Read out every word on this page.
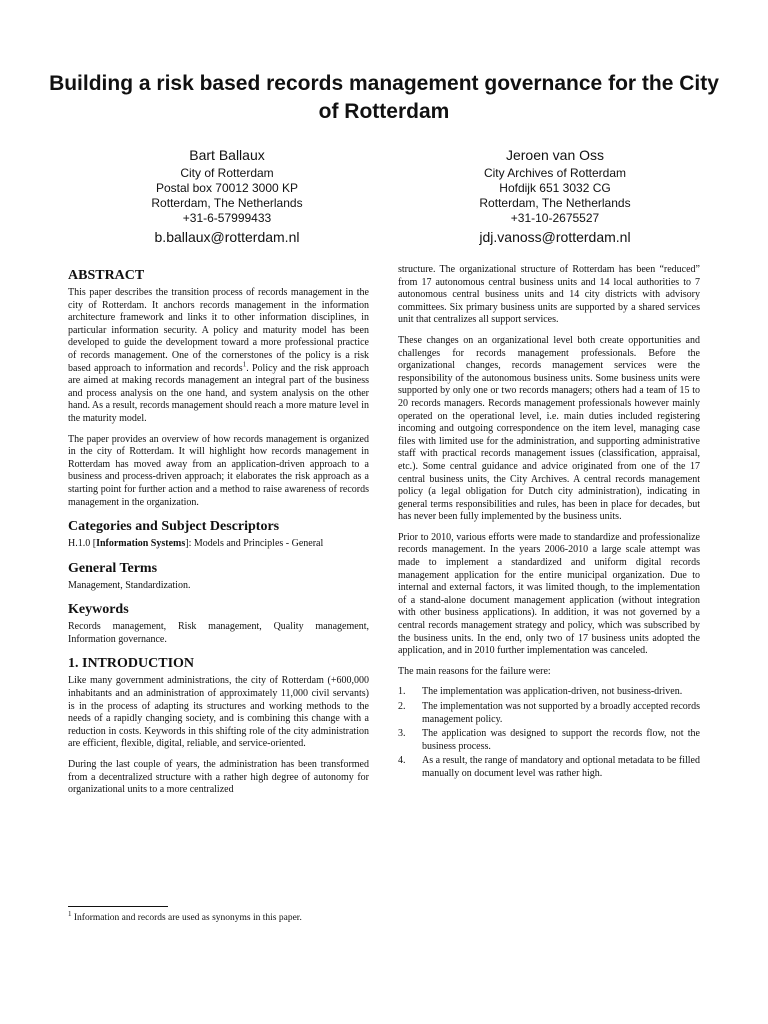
Building a risk based records management governance for the City of Rotterdam
Bart Ballaux
City of Rotterdam
Postal box 70012 3000 KP
Rotterdam, The Netherlands
+31-6-57999433
b.ballaux@rotterdam.nl
Jeroen van Oss
City Archives of Rotterdam
Hofdijk 651 3032 CG
Rotterdam, The Netherlands
+31-10-2675527
jdj.vanoss@rotterdam.nl
ABSTRACT

This paper describes the transition process of records management in the city of Rotterdam. It anchors records management in the information architecture framework and links it to other information disciplines, in particular information security. A policy and maturity model has been developed to guide the development toward a more professional practice of records management. One of the cornerstones of the policy is a risk based approach to information and records$^1$. Policy and the risk approach are aimed at making records management an integral part of the business and process analysis on the one hand, and system analysis on the other hand. As a result, records management should reach a more mature level in the maturity model.

The paper provides an overview of how records management is organized in the city of Rotterdam. It will highlight how records management in Rotterdam has moved away from an application-driven approach to a business and process-driven approach; it elaborates the risk approach as a starting point for further action and a method to raise awareness of records management in the organization.

Categories and Subject Descriptors

H.1.0 [Information Systems]: Models and Principles - General

General Terms

Management, Standardization.

Keywords

Records management, Risk management, Quality management, Information governance.

1. INTRODUCTION

Like many government administrations, the city of Rotterdam (+600,000 inhabitants and an administration of approximately 11,000 civil servants) is in the process of adapting its structures and working methods to the needs of a rapidly changing society, and is combining this change with a reduction in costs. Keywords in this shifting role of the city administration are efficient, flexible, digital, reliable, and service-oriented.

During the last couple of years, the administration has been transformed from a decentralized structure with a rather high degree of autonomy for organizational units to a more centralized

$^1$ Information and records are used as synonyms in this paper.

structure. The organizational structure of Rotterdam has been “reduced” from 17 autonomous central business units and 14 local authorities to 7 autonomous central business units and 14 city districts with advisory committees. Six primary business units are supported by a shared services unit that centralizes all support services.

These changes on an organizational level both create opportunities and challenges for records management professionals. Before the organizational changes, records management services were the responsibility of the autonomous business units. Some business units were supported by only one or two records managers; others had a team of 15 to 20 records managers. Records management professionals however mainly operated on the operational level, i.e. main duties included registering incoming and outgoing correspondence on the item level, managing case files with limited use for the administration, and supporting administrative staff with practical records management issues (classification, appraisal, etc.). Some central guidance and advice originated from one of the 17 central business units, the City Archives. A central records management policy (a legal obligation for Dutch city administration), indicating in general terms responsibilities and rules, has been in place for decades, but has never been fully implemented by the business units.

Prior to 2010, various efforts were made to standardize and professionalize records management. In the years 2006-2010 a large scale attempt was made to implement a standardized and uniform digital records management application for the entire municipal organization. Due to internal and external factors, it was limited though, to the implementation of a stand-alone document management application (without integration with other business applications). In addition, it was not governed by a central records management strategy and policy, which was subscribed by the business units. In the end, only two of 17 business units adopted the application, and in 2010 further implementation was canceled.

The main reasons for the failure were:

1.	The implementation was application-driven, not business-driven.
2.	The implementation was not supported by a broadly accepted records management policy.
3.	The application was designed to support the records flow, not the business process.
4.	As a result, the range of mandatory and optional metadata to be filled manually on document level was rather high.
